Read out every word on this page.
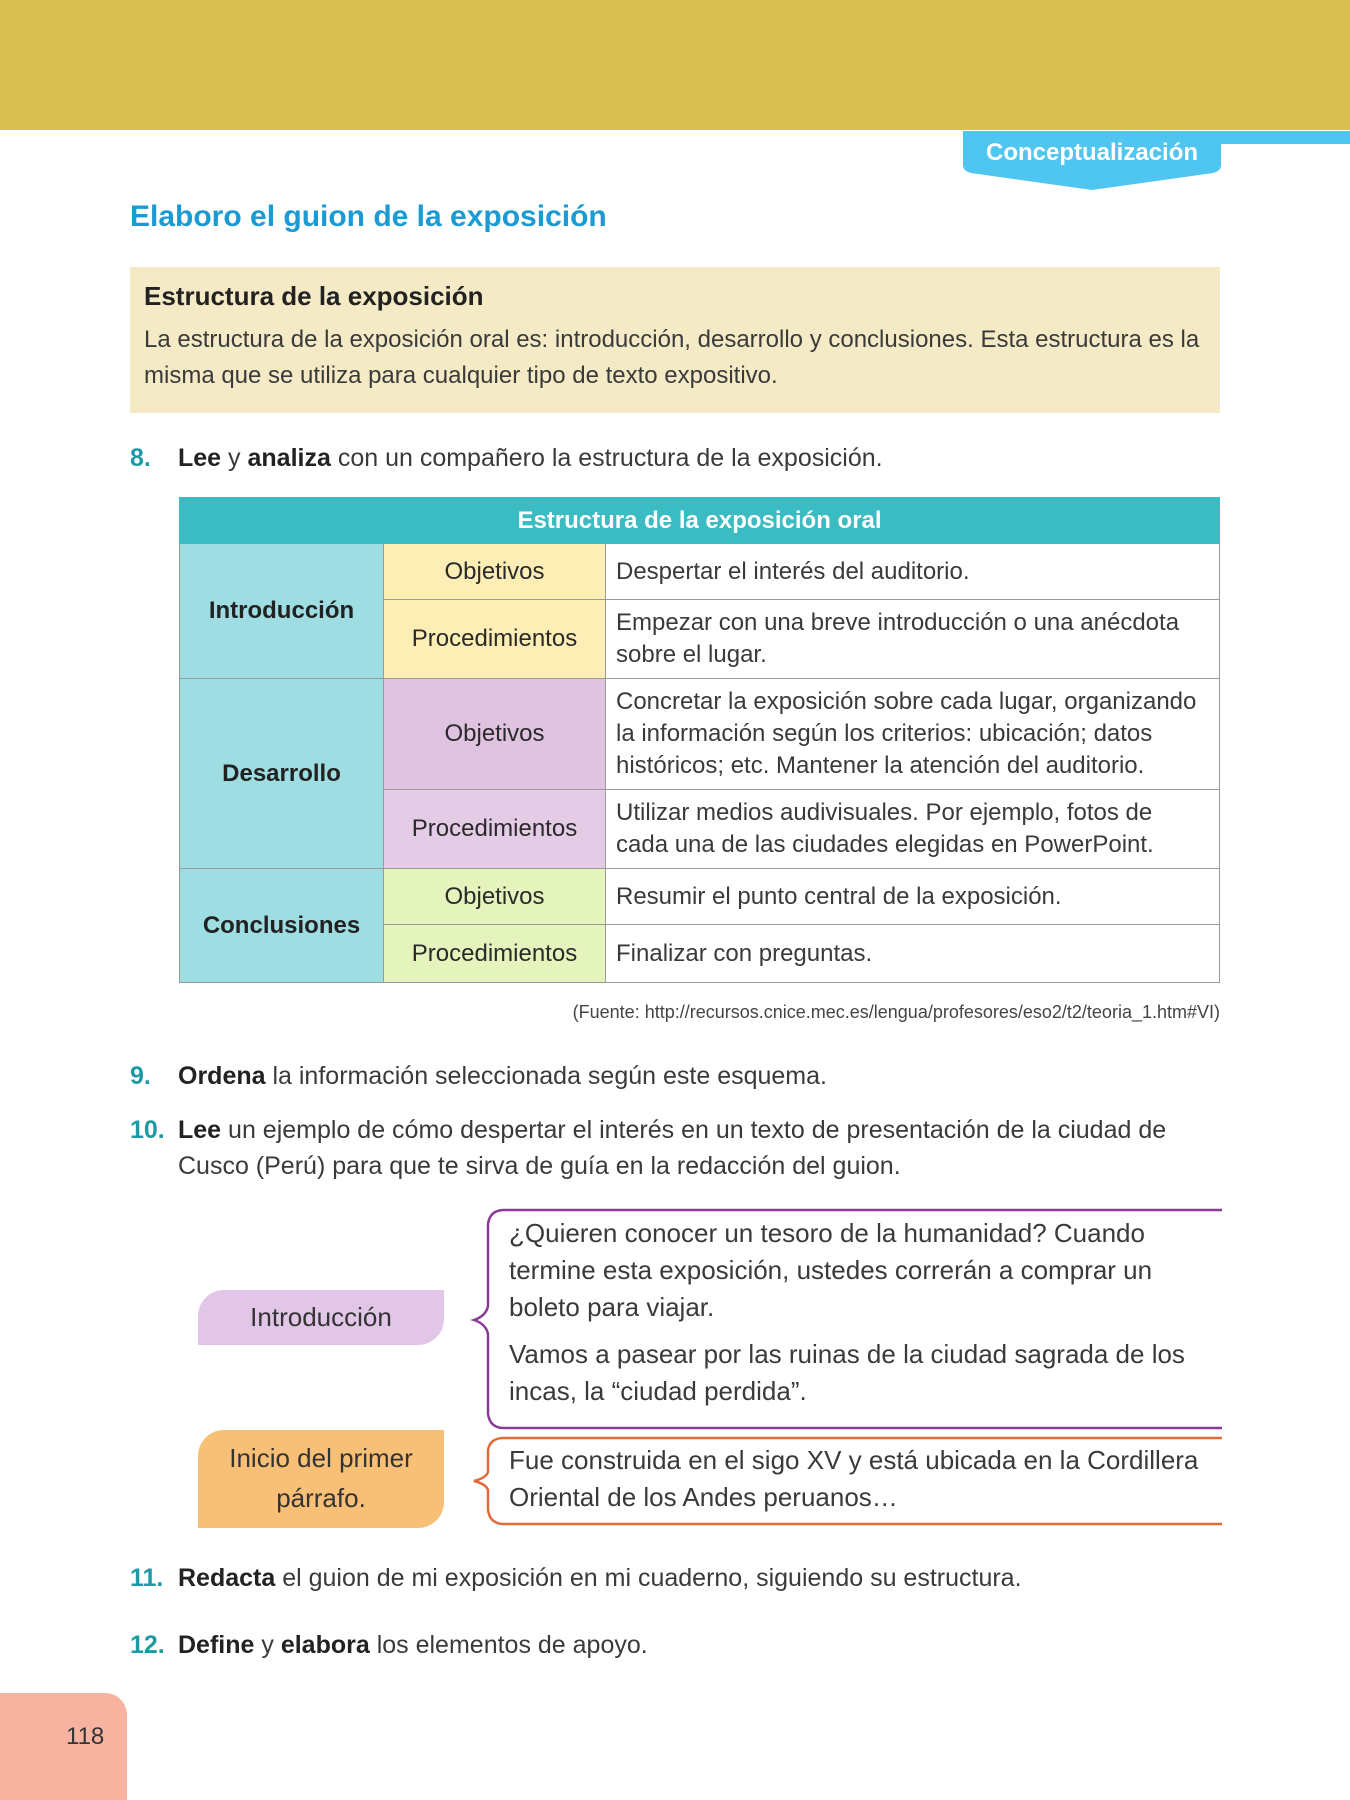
Conceptualización
Elaboro el guion de la exposición
Estructura de la exposición
La estructura de la exposición oral es: introducción, desarrollo y conclusiones. Esta estructura es la misma que se utiliza para cualquier tipo de texto expositivo.
8. Lee y analiza con un compañero la estructura de la exposición.
Estructura de la exposición oral		
Introducción	Objetivos	Despertar el interés del auditorio.
	Procedimientos	Empezar con una breve introducción o una anécdota sobre el lugar.
Desarrollo	Objetivos	Concretar la exposición sobre cada lugar, organizando la información según los criterios: ubicación; datos históricos; etc. Mantener la atención del auditorio.
	Procedimientos	Utilizar medios audivisuales. Por ejemplo, fotos de cada una de las ciudades elegidas en PowerPoint.
Conclusiones	Objetivos	Resumir el punto central de la exposición.
	Procedimientos	Finalizar con preguntas.
(Fuente: http://recursos.cnice.mec.es/lengua/profesores/eso2/t2/teoria_1.htm#VI)
9. Ordena la información seleccionada según este esquema.
10. Lee un ejemplo de cómo despertar el interés en un texto de presentación de la ciudad de
Cusco (Perú) para que te sirva de guía en la redacción del guion.
Introducción
¿Quieren conocer un tesoro de la humanidad? Cuando termine esta exposición, ustedes correrán a comprar un boleto para viajar.
Vamos a pasear por las ruinas de la ciudad sagrada de los incas, la “ciudad perdida”.
Inicio del primer
párrafo.
Fue construida en el sigo XV y está ubicada en la Cordillera Oriental de los Andes peruanos…
11. Redacta el guion de mi exposición en mi cuaderno, siguiendo su estructura.
12. Define y elabora los elementos de apoyo.
118
